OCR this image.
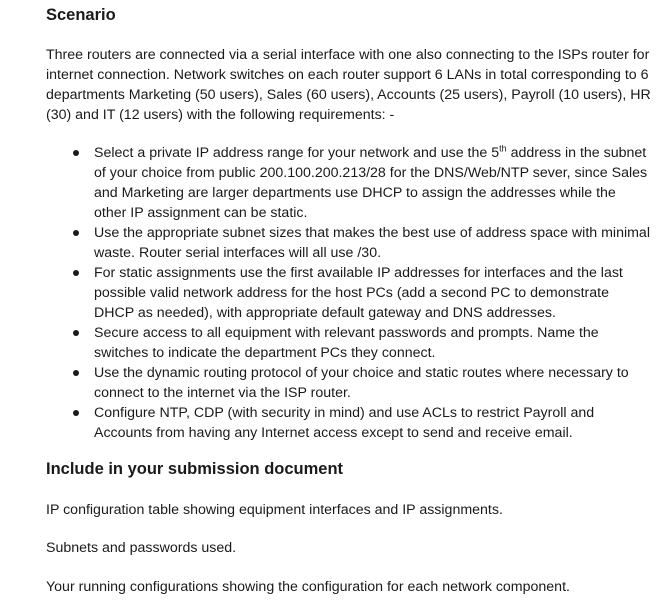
Scenario

Three routers are connected via a serial interface with one also connecting to the ISPs router for internet connection. Network switches on each router support 6 LANs in total corresponding to 6 departments Marketing (50 users), Sales (60 users), Accounts (25 users), Payroll (10 users), HR (30) and IT (12 users) with the following requirements: -

Select a private IP address range for your network and use the 5th address in the subnet of your choice from public 200.100.200.213/28 for the DNS/Web/NTP sever, since Sales and Marketing are larger departments use DHCP to assign the addresses while the other IP assignment can be static.
Use the appropriate subnet sizes that makes the best use of address space with minimal waste. Router serial interfaces will all use /30.
For static assignments use the first available IP addresses for interfaces and the last possible valid network address for the host PCs (add a second PC to demonstrate DHCP as needed), with appropriate default gateway and DNS addresses.
Secure access to all equipment with relevant passwords and prompts. Name the switches to indicate the department PCs they connect.
Use the dynamic routing protocol of your choice and static routes where necessary to connect to the internet via the ISP router.
Configure NTP, CDP (with security in mind) and use ACLs to restrict Payroll and Accounts from having any Internet access except to send and receive email.
Include in your submission document

IP configuration table showing equipment interfaces and IP assignments.

Subnets and passwords used.

Your running configurations showing the configuration for each network component.
